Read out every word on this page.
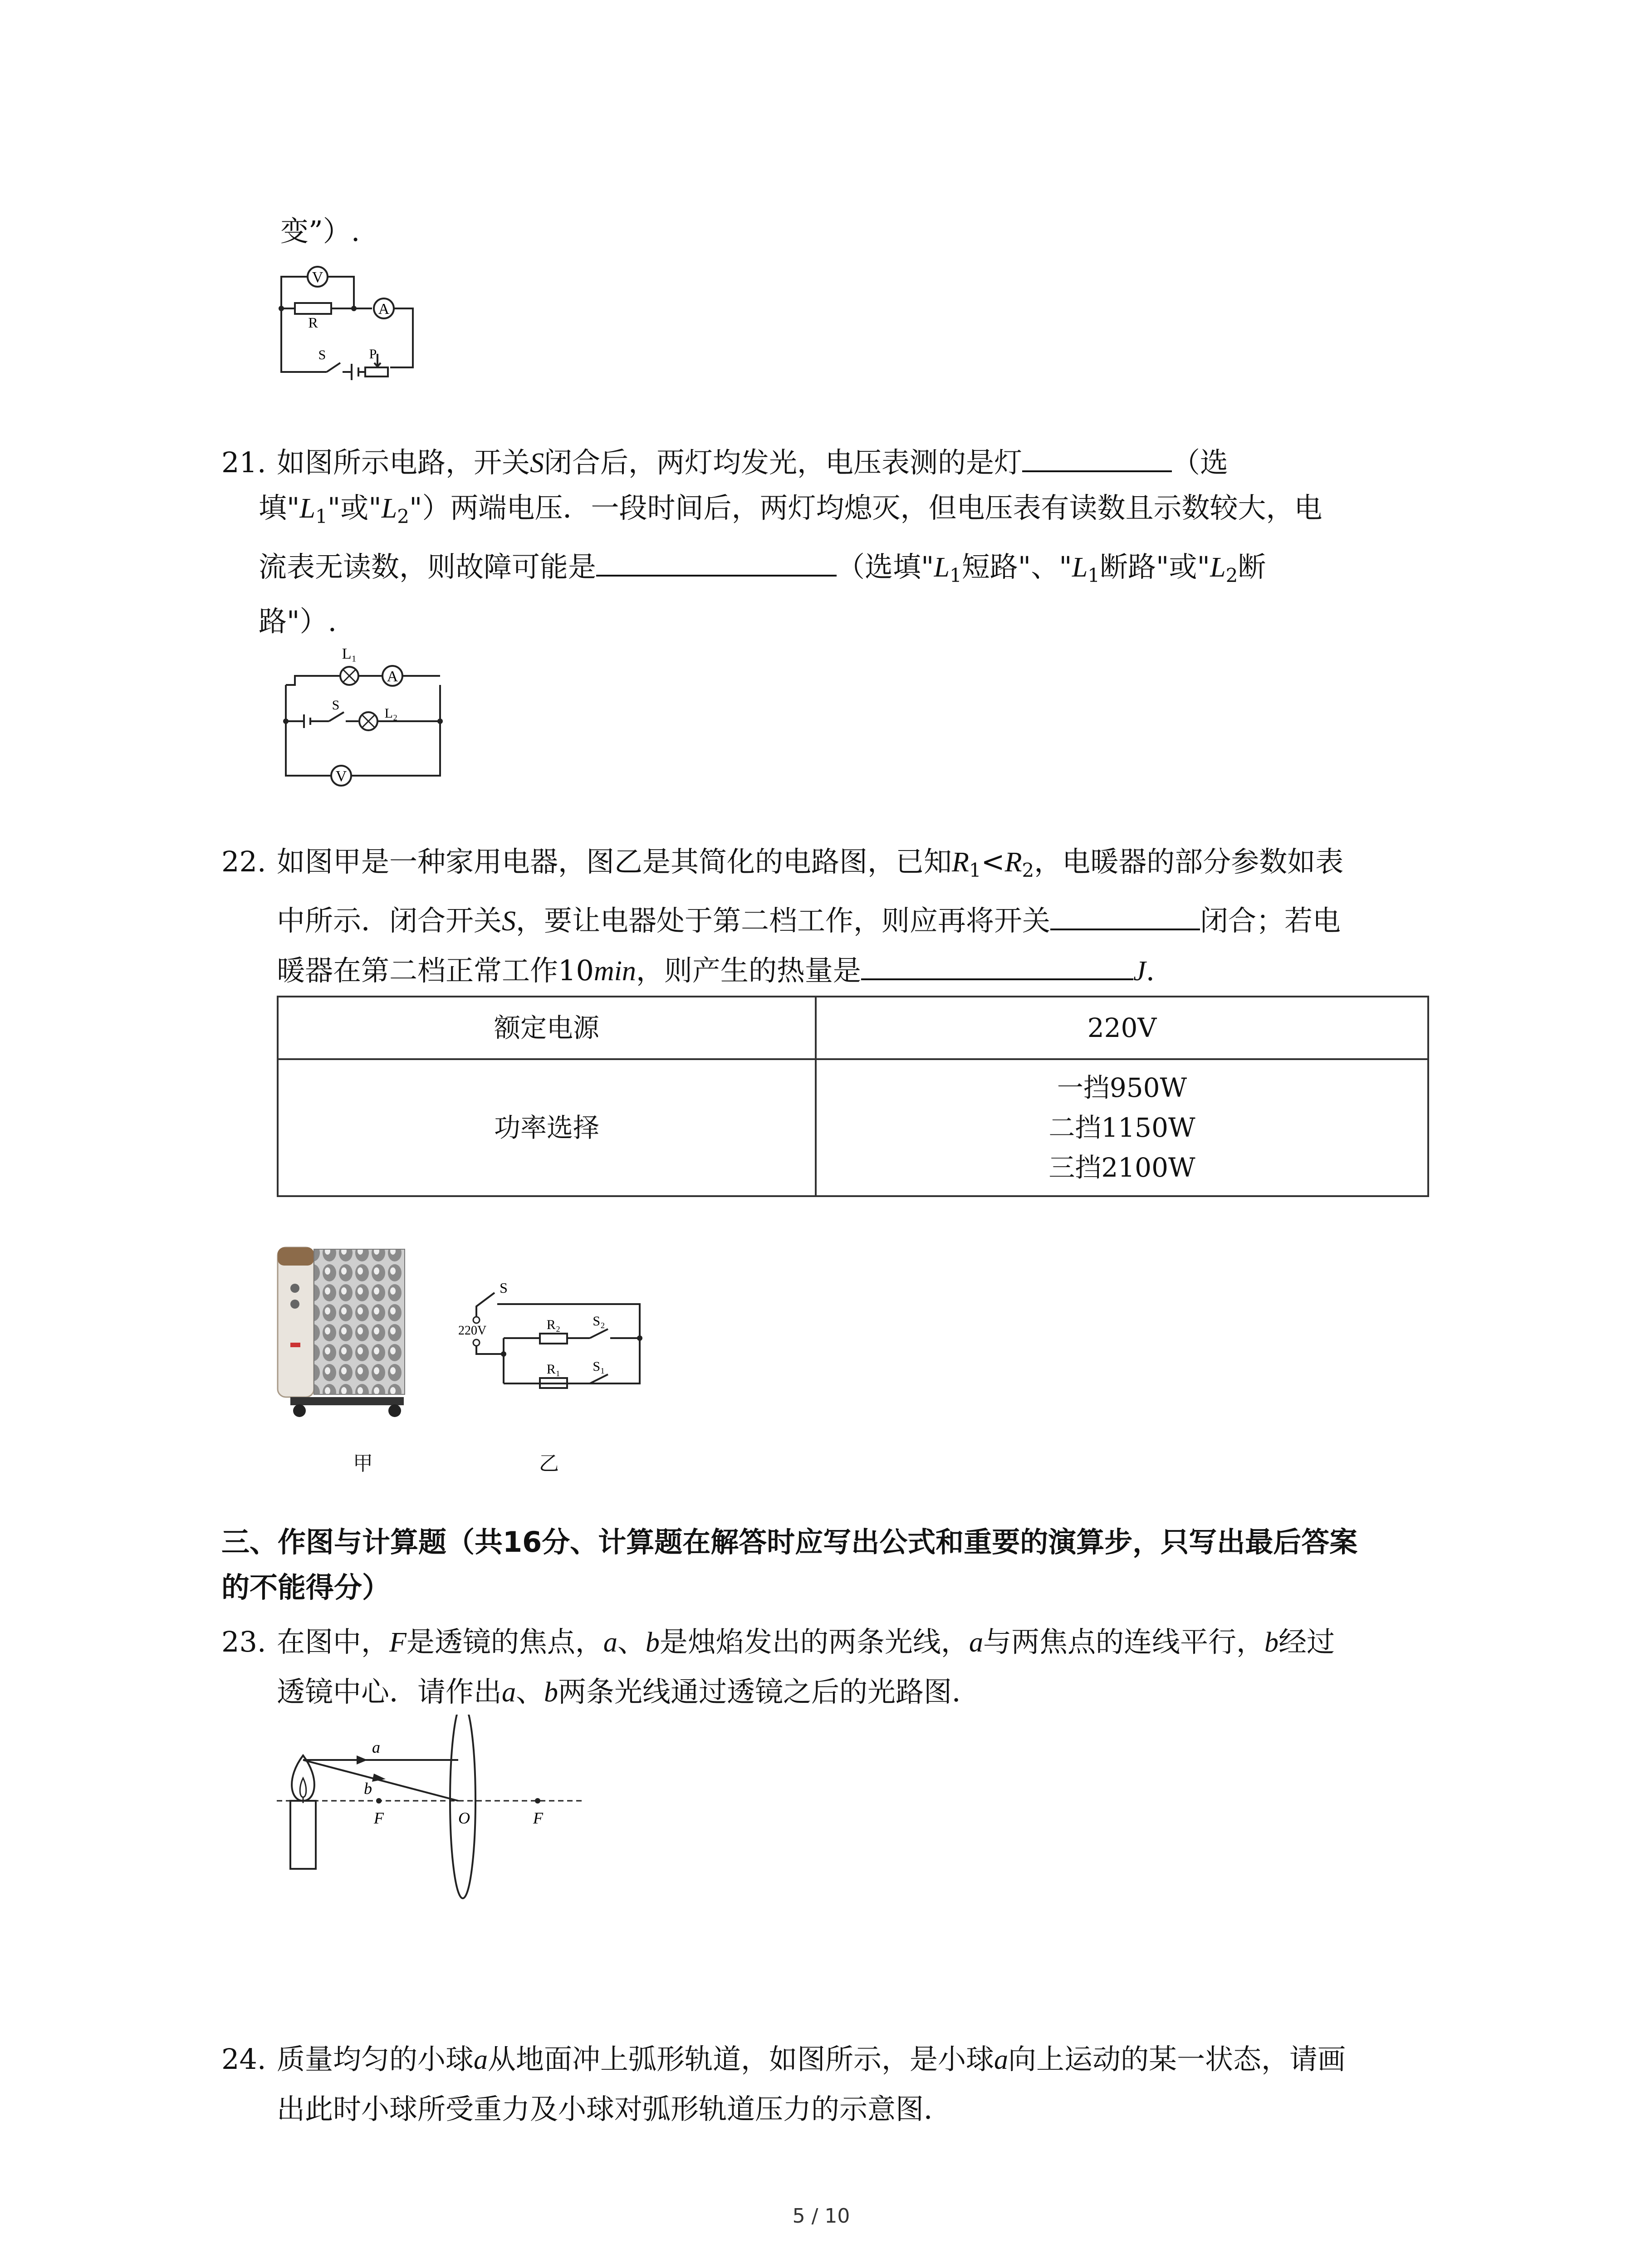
变”）.
V
A
R
S	P
21. 如图所示电路，开关S闭合后，两灯均发光，电压表测的是灯	（选
填"$L_1$"或"$L_2$"）两端电压．一段时间后，两灯均熄灭，但电压表有读数且示数较大，电
流表无读数，则故障可能是	（选填"$L_1$短路"、"$L_1$断路"或"$L_2$断
路"）.
L₁
A
S
L₂
V
22. 如图甲是一种家用电器，图乙是其简化的电路图，已知$R_1<R_2$，电暖器的部分参数如表
中所示．闭合开关S，要让电器处于第二档工作，则应再将开关	闭合；若电
暖器在第二档正常工作10min，则产生的热量是	J.
额定电源	220V
功率选择	一挡950W
二挡1150W
三挡2100W
甲
S
220V	R₂ S₂
R₁ S₁
乙
三、作图与计算题（共16分、计算题在解答时应写出公式和重要的演算步，只写出最后答案
的不能得分）
23. 在图中，F是透镜的焦点，a、b是烛焰发出的两条光线，a与两焦点的连线平行，b经过
透镜中心．请作出a、b两条光线通过透镜之后的光路图．
a
b
F	O	F
24. 质量均匀的小球a从地面冲上弧形轨道，如图所示，是小球a向上运动的某一状态，请画
出此时小球所受重力及小球对弧形轨道压力的示意图．
5 / 10
